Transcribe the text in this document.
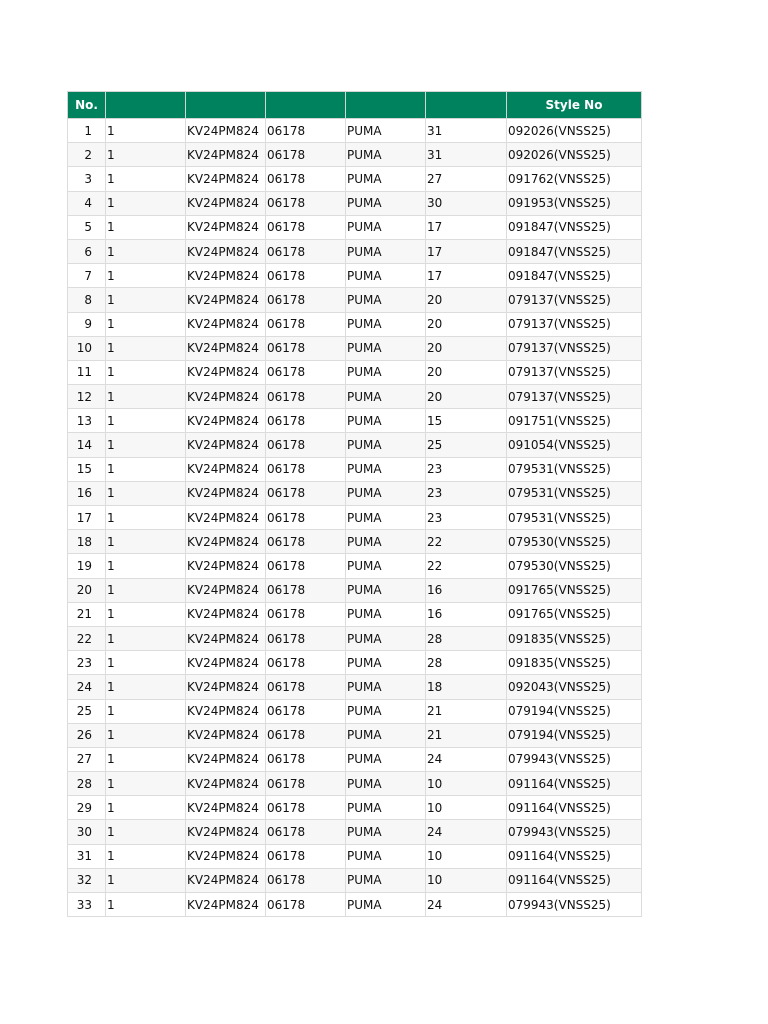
No.						Style No
1	1	KV24PM824	06178	PUMA	31	092026(VNSS25)
2	1	KV24PM824	06178	PUMA	31	092026(VNSS25)
3	1	KV24PM824	06178	PUMA	27	091762(VNSS25)
4	1	KV24PM824	06178	PUMA	30	091953(VNSS25)
5	1	KV24PM824	06178	PUMA	17	091847(VNSS25)
6	1	KV24PM824	06178	PUMA	17	091847(VNSS25)
7	1	KV24PM824	06178	PUMA	17	091847(VNSS25)
8	1	KV24PM824	06178	PUMA	20	079137(VNSS25)
9	1	KV24PM824	06178	PUMA	20	079137(VNSS25)
10	1	KV24PM824	06178	PUMA	20	079137(VNSS25)
11	1	KV24PM824	06178	PUMA	20	079137(VNSS25)
12	1	KV24PM824	06178	PUMA	20	079137(VNSS25)
13	1	KV24PM824	06178	PUMA	15	091751(VNSS25)
14	1	KV24PM824	06178	PUMA	25	091054(VNSS25)
15	1	KV24PM824	06178	PUMA	23	079531(VNSS25)
16	1	KV24PM824	06178	PUMA	23	079531(VNSS25)
17	1	KV24PM824	06178	PUMA	23	079531(VNSS25)
18	1	KV24PM824	06178	PUMA	22	079530(VNSS25)
19	1	KV24PM824	06178	PUMA	22	079530(VNSS25)
20	1	KV24PM824	06178	PUMA	16	091765(VNSS25)
21	1	KV24PM824	06178	PUMA	16	091765(VNSS25)
22	1	KV24PM824	06178	PUMA	28	091835(VNSS25)
23	1	KV24PM824	06178	PUMA	28	091835(VNSS25)
24	1	KV24PM824	06178	PUMA	18	092043(VNSS25)
25	1	KV24PM824	06178	PUMA	21	079194(VNSS25)
26	1	KV24PM824	06178	PUMA	21	079194(VNSS25)
27	1	KV24PM824	06178	PUMA	24	079943(VNSS25)
28	1	KV24PM824	06178	PUMA	10	091164(VNSS25)
29	1	KV24PM824	06178	PUMA	10	091164(VNSS25)
30	1	KV24PM824	06178	PUMA	24	079943(VNSS25)
31	1	KV24PM824	06178	PUMA	10	091164(VNSS25)
32	1	KV24PM824	06178	PUMA	10	091164(VNSS25)
33	1	KV24PM824	06178	PUMA	24	079943(VNSS25)
